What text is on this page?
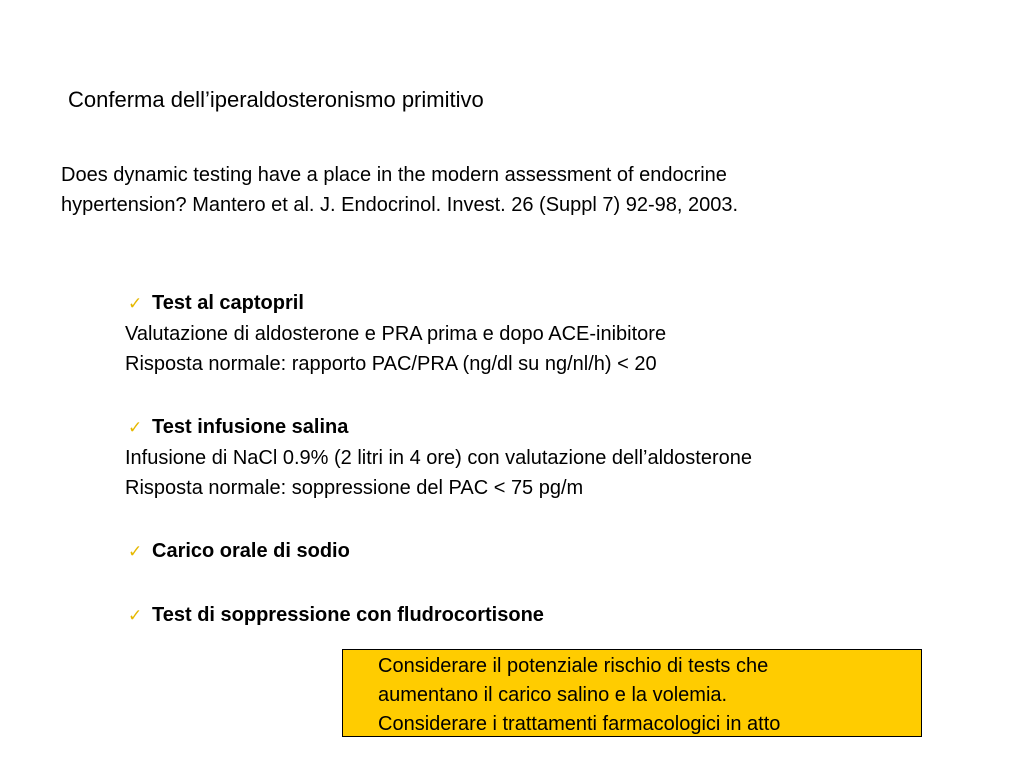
Conferma dell’iperaldosteronismo primitivo
Does dynamic testing have a place in the modern assessment of endocrine
hypertension? Mantero et al. J. Endocrinol. Invest. 26 (Suppl 7) 92-98, 2003.
✓ Test al captopril
Valutazione di aldosterone e PRA prima e dopo ACE-inibitore
Risposta normale: rapporto PAC/PRA (ng/dl su ng/nl/h) < 20
✓ Test infusione salina
Infusione di NaCl 0.9% (2 litri in 4 ore) con valutazione dell’aldosterone
Risposta normale: soppressione del PAC < 75 pg/m
✓ Carico orale di sodio
✓ Test di soppressione con fludrocortisone
Considerare il potenziale rischio di tests che
aumentano il carico salino e la volemia.
Considerare i trattamenti farmacologici in atto
